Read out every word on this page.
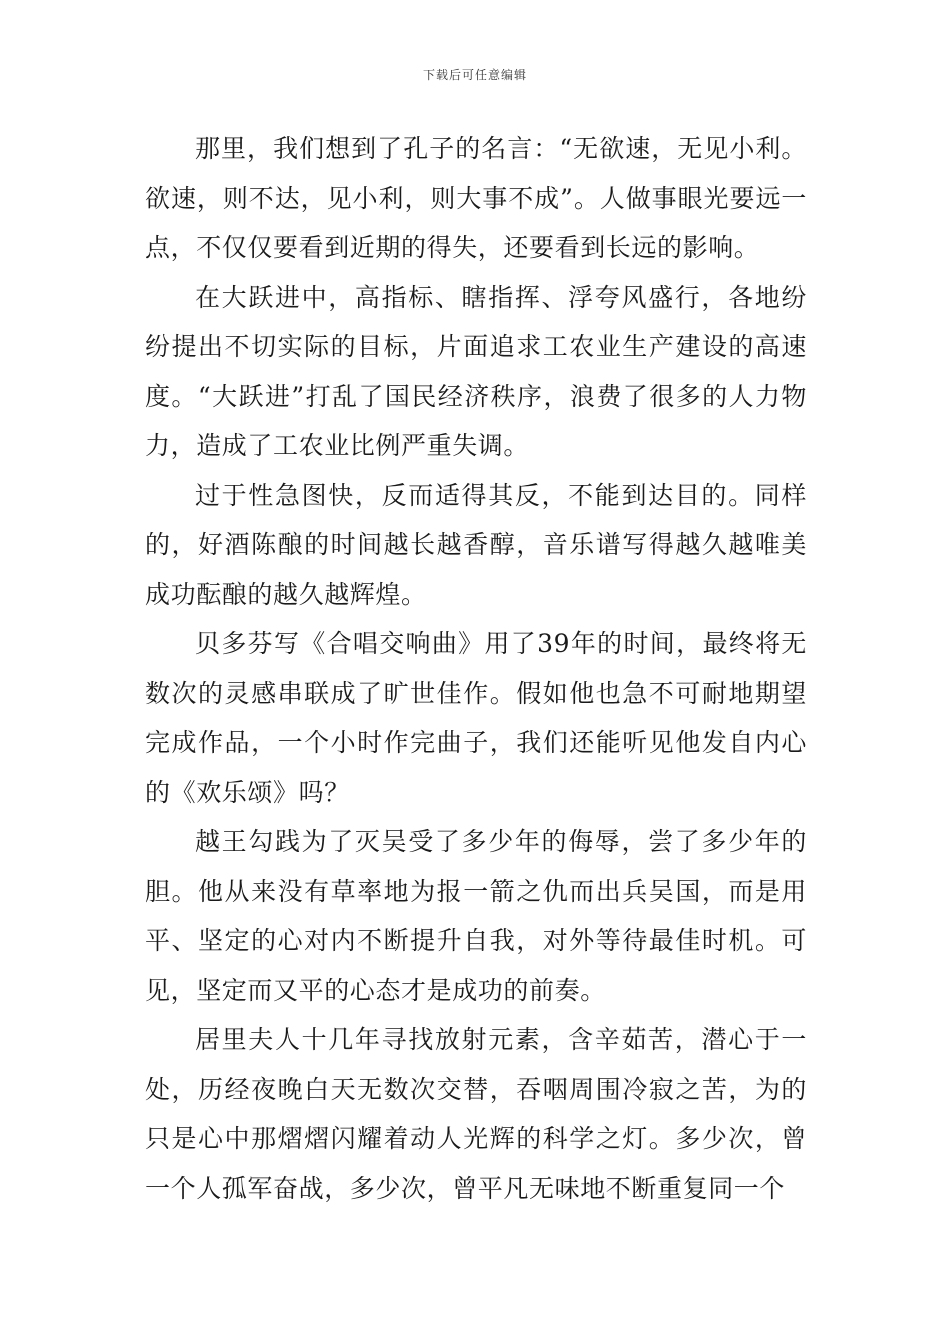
下载后可任意编辑

那里，我们想到了孔子的名言：“无欲速，无见小利。欲速，则不达，见小利，则大事不成”。人做事眼光要远一点，不仅仅要看到近期的得失，还要看到长远的影响。

在大跃进中，高指标、瞎指挥、浮夸风盛行，各地纷纷提出不切实际的目标，片面追求工农业生产建设的高速度。“大跃进”打乱了国民经济秩序，浪费了很多的人力物力，造成了工农业比例严重失调。

过于性急图快，反而适得其反，不能到达目的。同样的，好酒陈酿的时间越长越香醇，音乐谱写得越久越唯美成功酝酿的越久越辉煌。

贝多芬写《合唱交响曲》用了39年的时间，最终将无数次的灵感串联成了旷世佳作。假如他也急不可耐地期望完成作品，一个小时作完曲子，我们还能听见他发自内心的《欢乐颂》吗？

越王勾践为了灭吴受了多少年的侮辱，尝了多少年的胆。他从来没有草率地为报一箭之仇而出兵吴国，而是用平、坚定的心对内不断提升自我，对外等待最佳时机。可见，坚定而又平的心态才是成功的前奏。

居里夫人十几年寻找放射元素，含辛茹苦，潜心于一处，历经夜晚白天无数次交替，吞咽周围冷寂之苦，为的只是心中那熠熠闪耀着动人光辉的科学之灯。多少次，曾一个人孤军奋战，多少次，曾平凡无味地不断重复同一个
